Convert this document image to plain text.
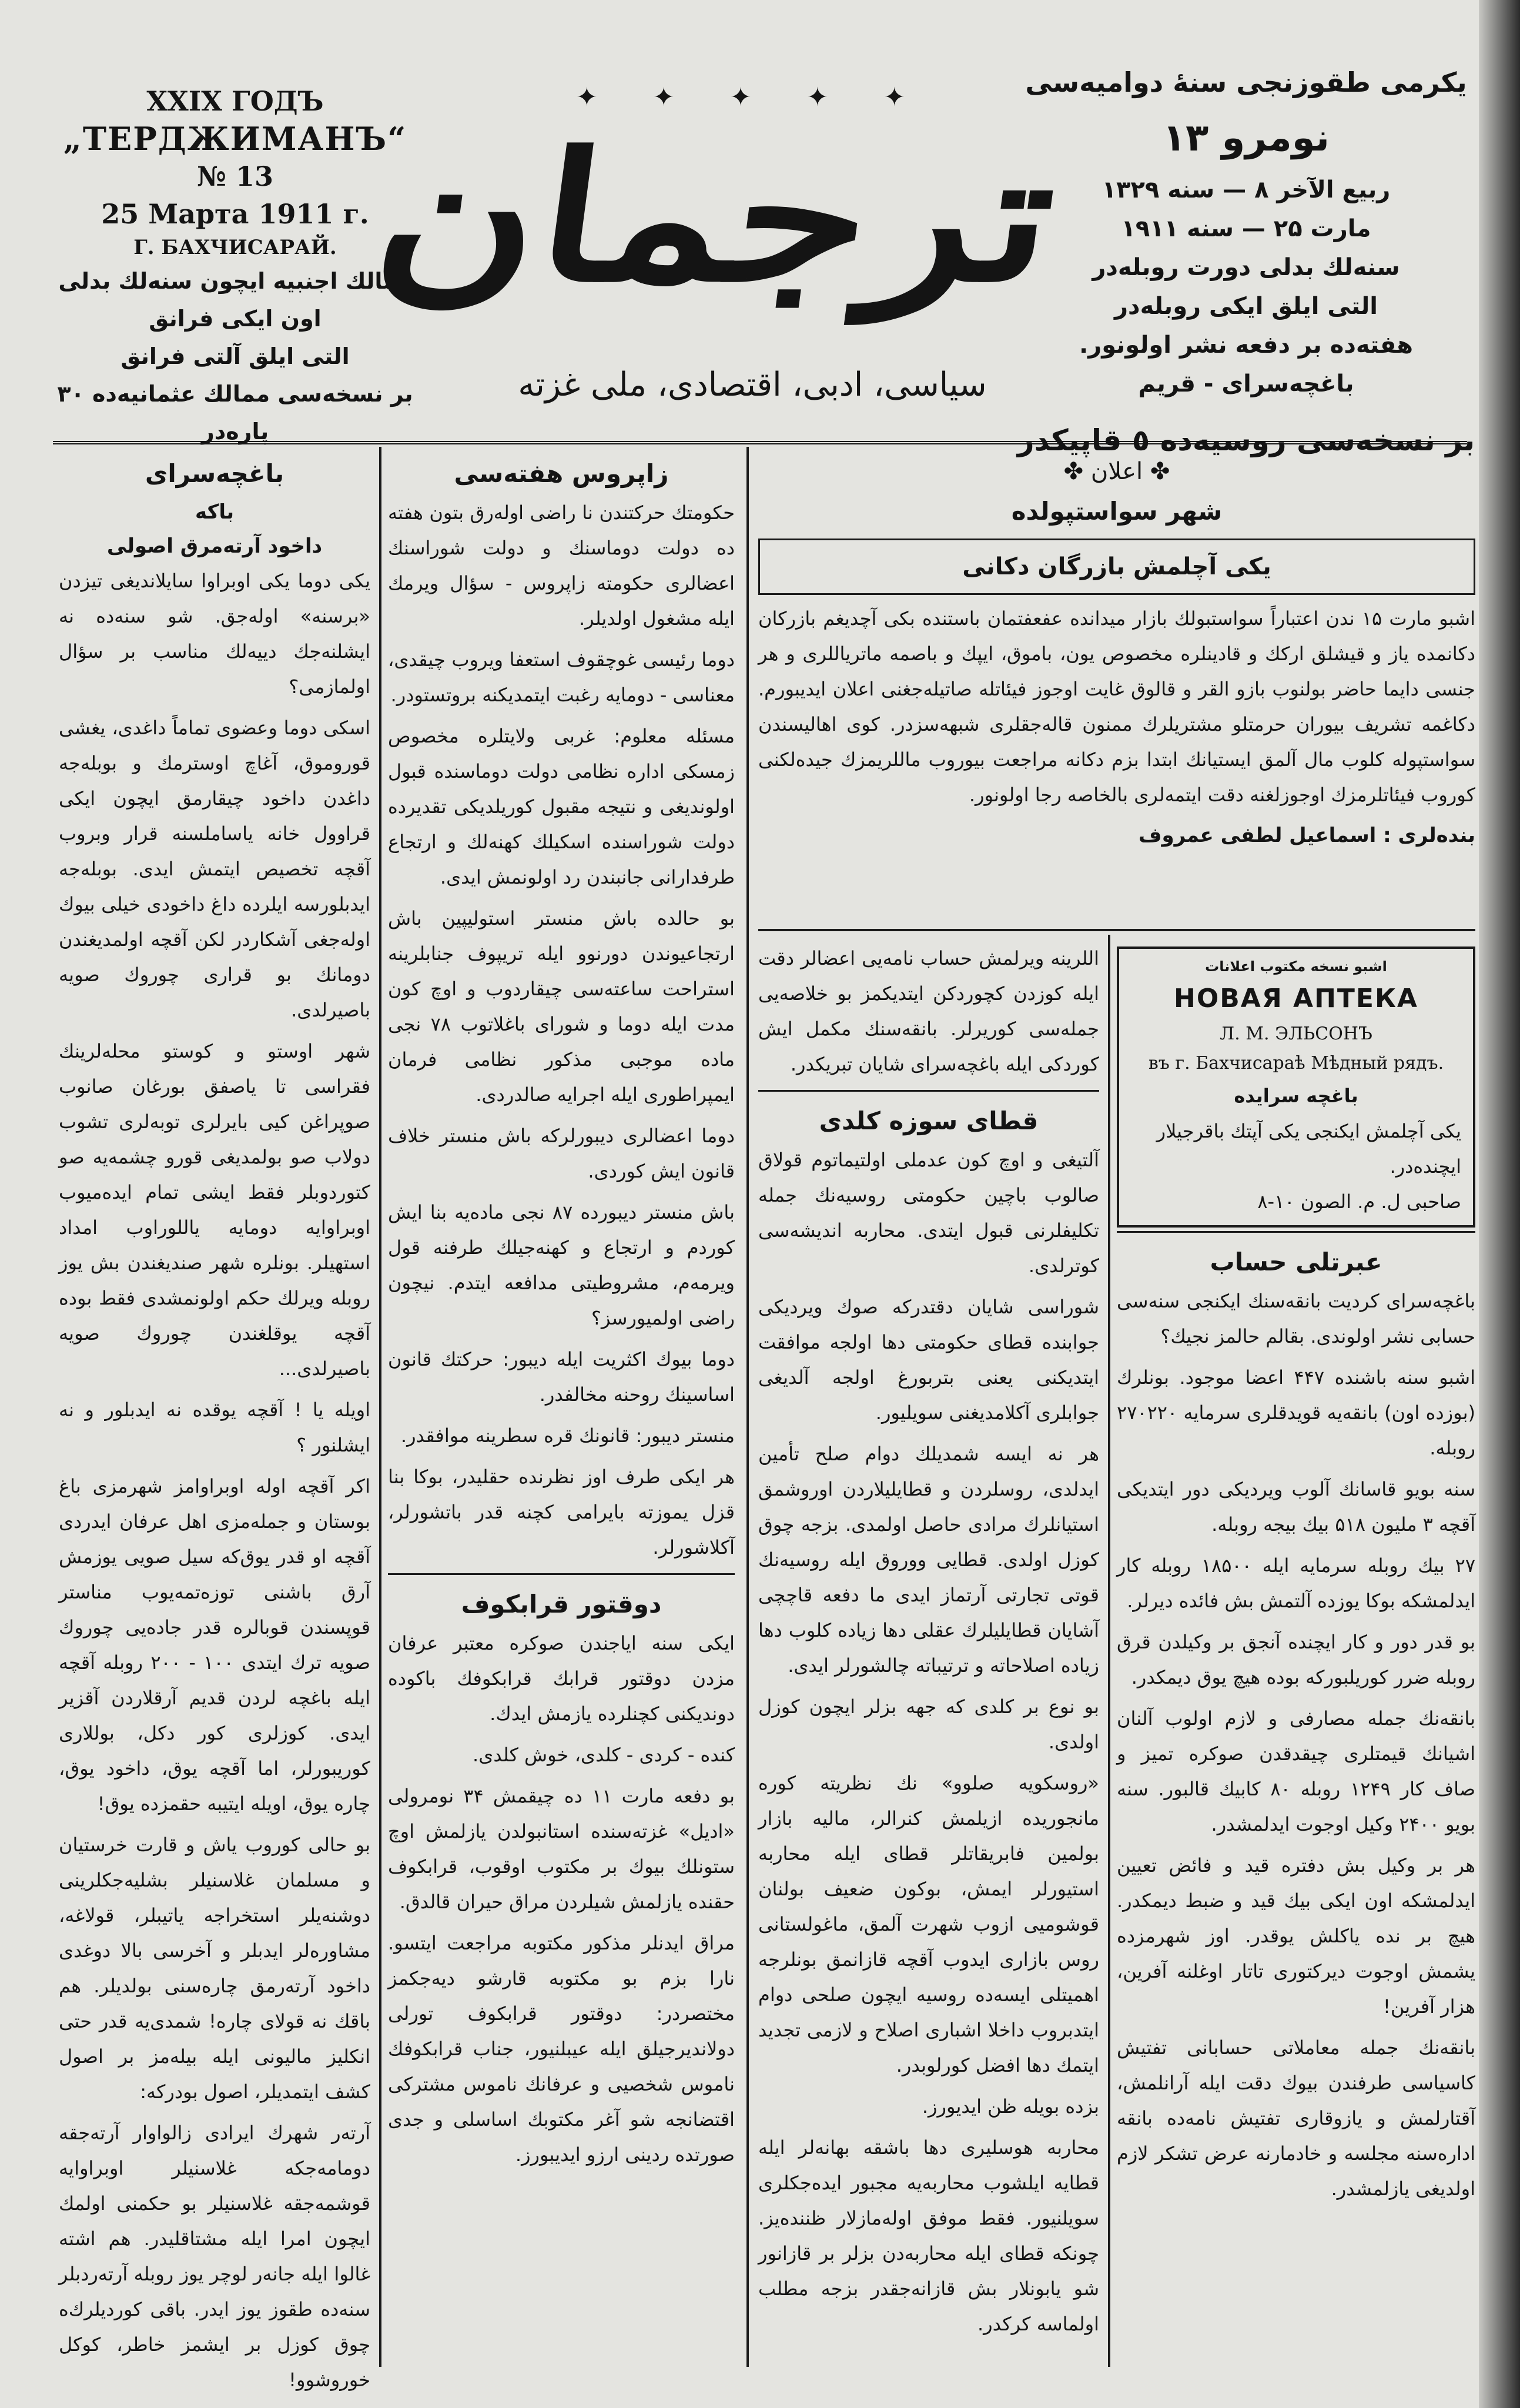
XXIX ГОДЪ
„ТЕРДЖИМАНЪ“
№ 13
25 Марта 1911 г.
Г. БАХЧИСАРАЙ.
ممالك اجنبيه ايچون سنه‌لك بدلى
اون ايكى فرانق
التى ايلق آلتى فرانق
بر نسخه‌سى ممالك عثمانيه‌ده ۳۰ پاره‌در
✦ ✦ ✦ ✦ ✦
ترجمان
سياسى، ادبى، اقتصادى، ملى غزته
يكرمى طقوزنجى سنهٔ دواميه‌سى
نومرو ۱۳
ربيع الآخر ۸ — سنه ۱۳۲۹
مارت ۲۵ — سنه ۱۹۱۱
سنه‌لك بدلى دورت روبله‌در
التى ايلق ايكى روبله‌در
هفته‌ده بر دفعه نشر اولونور.
باغچه‌سراى - قريم
بر نسخه‌سى روسيه‌ده ٥ قاپيكدر
باغچه‌سراى
باكه
داخود آرته‌مرق اصولى

يكى دوما يكى اوبراوا سايلانديغى تيزدن «برسنه» اوله‌جق. شو سنه‌ده نه ايشلنه‌جك دييه‌لك مناسب بر سؤال اولمازمى؟

اسكى دوما وعضوى تماماً داغدى، يغشى قوروموق، آغاچ اوسترمك و بوبله‌جه داغدن داخود چيقارمق ايچون ايكى قراوول خانه ياساملسنه قرار وبروب آقچه تخصيص ايتمش ايدى. بوبله‌جه ايدبلورسه ايلرده داغ داخودى خيلى بيوك اوله‌جغى آشكاردر لكن آقچه اولمديغندن دومانك بو قرارى چوروك صويه باصيرلدى.

شهر اوستو و كوستو محله‌لرينك فقراسى تا ياصفق بورغان صانوب صوپراغن كيى بايرلرى توبه‌لرى تشوب دولاب صو بولمديغى قورو چشمه‌يه صو كتوردوبلر فقط ايشى تمام ايده‌ميوب اوبراوايه دومايه ياللوراوب امداد استهيلر. بونلره شهر صنديغندن بش يوز روبله ويرلك حكم اولونمشدى فقط بوده آقچه يوقلغندن چوروك صويه باصيرلدى...

اويله يا ! آقچه يوقده نه ايدبلور و نه ايشلنور ؟

اكر آقچه اوله اوبراوامز شهرمزى باغ بوستان و جمله‌مزى اهل عرفان ايدردى آقچه او قدر يوق‌كه سيل صويى يوزمش آرق باشنى توزه‌تمه‌يوب مناستر قوپسندن قوبالره قدر جاده‌يى چوروك صويه ترك ايتدى ۱۰۰ - ۲۰۰ روبله آقچه ايله باغچه لردن قديم آرقلاردن آقزير ايدى. كوزلرى كور دكل، بوللارى كوريبورلر، اما آقچه يوق، داخود يوق، چاره يوق، اويله ايتيبه حقمزده يوق!

بو حالى كوروب ياش و قارت خرستيان و مسلمان غلاسنيلر بشليه‌جكلرينى دوشنه‌يلر استخراجه ياتيبلر، قولاغه، مشاوره‌لر ايدبلر و آخرسى بالا دوغدى داخود آرته‌رمق چاره‌سنى بولديلر. هم باقك نه قولاى چاره! شمدى‌يه قدر حتى انكليز ماليونى ايله بيله‌مز بر اصول كشف ايتمديلر، اصول بودركه:

آرته‌ر شهرك ايرادى زالواوار آرته‌جقه دومامه‌جكه غلاسنيلر اوبراوايه قوشمه‌جقه غلاسنيلر بو حكمنى اولمك ايچون امرا ايله مشتاقليدر. هم اشته غالوا ايله جانه‌ر لوچر يوز روبله آرته‌ردبلر سنه‌ده طقوز يوز ايدر. باقى كورديلرك‌ه چوق كوزل بر ايشمز خاطر، كوكل خوروشوو!

زاپروس هفته‌سى

حكومتك حركتندن نا راضى اوله‌رق بتون هفته ده دولت دوماسنك و دولت شوراسنك اعضالرى حكومته زاپروس - سؤال ويرمك ايله مشغول اولديلر.

دوما رئيسى غوچقوف استعفا ويروب چيقدى، معناسى - دومايه رغبت ايتمديكنه بروتستودر.

مسئله معلوم: غربى ولايتلره مخصوص زمسكى اداره نظامى دولت دوماسنده قبول اولونديغى و نتيجه مقبول كوريلديكى تقديرده دولت شوراسنده اسكيلك كهنه‌لك و ارتجاع طرفدارانى جانبندن رد اولونمش ايدى.

بو حالده باش منستر استوليپين باش ارتجاعيوندن دورنوو ايله تريپوف جنابلرينه استراحت ساعته‌سى چيقاردوب و اوچ كون مدت ايله دوما و شوراى باغلاتوب ۷۸ نجى ماده موجبى مذكور نظامى فرمان ايمپراطورى ايله اجرايه صالدردى.

دوما اعضالرى ديبورلركه باش منستر خلاف قانون ايش كوردى.

باش منستر ديبورده ۸۷ نجى ماده‌يه بنا ايش كوردم و ارتجاع و كهنه‌جيلك طرفنه قول ويرمه‌م، مشروطيتى مدافعه ايتدم. نيچون راضى اولميورسز؟

دوما بيوك اكثريت ايله ديبور: حركتك قانون اساسينك روحنه مخالفدر.

منستر ديبور: قانونك قره سطرينه موافقدر.

هر ايكى طرف اوز نظرنده حقليدر، بوكا بنا قزل يموزته بايرامى كچنه قدر باتشورلر، آكلاشورلر.

دوقتور قرابكوف

ايكى سنه اياجندن صوكره معتبر عرفان مزدن دوقتور قرابك قرابكوفك باكوده دونديكنى كچنلرده يازمش ايدك.

كنده - كردى - كلدى، خوش كلدى.

بو دفعه مارت ۱۱ ده چيقمش ۳۴ نومرولى «اديل» غزته‌سنده استانبولدن يازلمش اوچ ستونلك بيوك بر مكتوب اوقوب، قرابكوف حقنده يازلمش شيلردن مراق حيران قالدق.

مراق ايدنلر مذكور مكتوبه مراجعت ايتسو. نارا بزم بو مكتوبه قارشو ديه‌جكمز مختصردر: دوقتور قرابكوف تورلى دولانديرجيلق ايله عيبلنيور، جناب قرابكوفك ناموس شخصيى و عرفانك ناموس مشتركى اقتضانجه شو آغر مكتوبك اساسلى و جدى صورتده ردينى ارزو ايديبورز.

✤ اعلان ✤
شهر سواستپولده
يكى آچلمش بازرگان دكانى

اشبو مارت ۱۵ ندن اعتباراً سواستبولك بازار ميدانده عفعفتمان باستنده بكى آچديغم بازركان دكانمده ياز و قيشلق اركك و قادينلره مخصوص يون، باموق، ايپك و باصمه ماترياللرى و هر جنسى دايما حاضر بولنوب بازو القر و قالوق غايت اوجوز فيئاتله صاتيله‌جغنى اعلان ايديبورم. دكاغمه تشريف بيوران حرمتلو مشتريلرك ممنون قاله‌جقلرى شبهه‌سزدر. كوى اهاليسندن سواستپوله كلوب مال آلمق ايستيانك ابتدا بزم دكانه مراجعت بيوروب ماللريمزك جيده‌لكنى كوروب فيئاتلرمزك اوجوزلغنه دقت ايتمه‌لرى بالخاصه رجا اولونور.

بنده‌لرى : اسماعيل لطفى عمروف

اللرينه ويرلمش حساب نامه‌يى اعضالر دقت ايله كوزدن كچوردكن ايتديكمز بو خلاصه‌يى جمله‌سى كوريرلر. بانقه‌سنك مكمل ايش كوردكى ايله باغچه‌سراى شايان تبريكدر.

قطاى سوزه كلدى

آلتيغى و اوچ كون عدملى اولتيماتوم قولاق صالوب باچين حكومتى روسيه‌نك جمله تكليفلرنى قبول ايتدى. محاربه انديشه‌سى كوترلدى.

شوراسى شايان دقتدركه صوك ويرديكى جوابنده قطاى حكومتى دها اولجه موافقت ايتديكنى يعنى بتربورغ اولجه آلديغى جوابلرى آكلامديغنى سويليور.

هر نه ايسه شمديلك دوام صلح تأمين ايدلدى، روسلردن و قطايليلاردن اوروشمق استيانلرك مرادى حاصل اولمدى. بزجه چوق كوزل اولدى. قطايى ووروق ايله روسيه‌نك قوتى تجارتى آرتماز ايدى ما دفعه قاچچى آشايان قطايليلرك عقلى دها زياده كلوب دها زياده اصلاحاته و ترتيباته چالشورلر ايدى.

بو نوع بر كلدى كه جهه بزلر ايچون كوزل اولدى.

«روسكويه صلوو» نك نظريته كوره مانجوريده ازيلمش كنرالر، ماليه بازار بولمين فابريقاتلر قطاى ايله محاربه استيورلر ايمش، بوكون ضعيف بولنان قوشوميى ازوب شهرت آلمق، ماغولستانى روس بازارى ايدوب آقچه قازانمق بونلرجه اهميتلى ايسه‌ده روسيه ايچون صلحى دوام ايتدبروب داخلا اشبارى اصلاح و لازمى تجديد ايتمك دها افضل كورلوبدر.

بزده بويله ظن ايديورز.

محاربه هوسليرى دها باشقه بهانه‌لر ايله قطايه ايلشوب محاربه‌يه مجبور ايده‌جكلرى سويلنيور. فقط موفق اوله‌مازلار ظننده‌يز. چونكه قطاى ايله محاربه‌دن بزلر بر قازانور شو يابونلار بش قازانه‌جقدر بزجه مطلب اولماسه كركدر.

اشبو نسخه مكتوب اعلانات
НОВАЯ АПТЕКА
Л. М. ЭЛЬСОНЪ
въ г. Бахчисараѣ Мѣдный рядъ.
باغچه سرايده
يكى آچلمش ايكنجى يكى آپتك باقرجيلار
ايچنده‌در.
صاحبى ل. م. الصون ١٠-٨
عبرتلى حساب

باغچه‌سراى كرديت بانقه‌سنك ايكنجى سنه‌سى حسابى نشر اولوندى. بقالم حالمز نجيك؟

اشبو سنه باشنده ۴۴۷ اعضا موجود. بونلرك (بوزده اون) بانقه‌يه قويدقلرى سرمايه ۲۷۰۲۲۰ روبله.

سنه بويو قاسانك آلوب ويرديكى دور ايتديكى آقچه ۳ مليون ۵۱۸ بيك بيجه روبله.

۲۷ بيك روبله سرمايه ايله ۱۸۵۰۰ روبله كار ايدلمشكه بوكا يوزده آلتمش بش فائده ديرلر.

بو قدر دور و كار ايچنده آنجق بر وكيلدن قرق روبله ضرر كوريلبوركه بوده هيچ يوق ديمكدر.

بانقه‌نك جمله مصارفى و لازم اولوب آلنان اشيانك قيمتلرى چيقدقدن صوكره تميز و صاف كار ۱۲۴۹ روبله ۸۰ كابيك قالبور. سنه بويو ۲۴۰۰ وكيل اوجوت ايدلمشدر.

هر بر وكيل بش دفتره قيد و فائض تعيين ايدلمشكه اون ايكى بيك قيد و ضبط ديمكدر. هيچ بر نده ياكلش يوقدر. اوز شهرمزده يشمش اوجوت ديركتورى تاتار اوغلنه آفرين، هزار آفرين!

بانقه‌نك جمله معاملاتى حسابانى تفتيش كاسياسى طرفندن بيوك دقت ايله آرانلمش، آقتارلمش و يازوقارى تفتيش نامه‌ده بانقه اداره‌سنه مجلسه و خادمارنه عرض تشكر لازم اولديغى يازلمشدر.
